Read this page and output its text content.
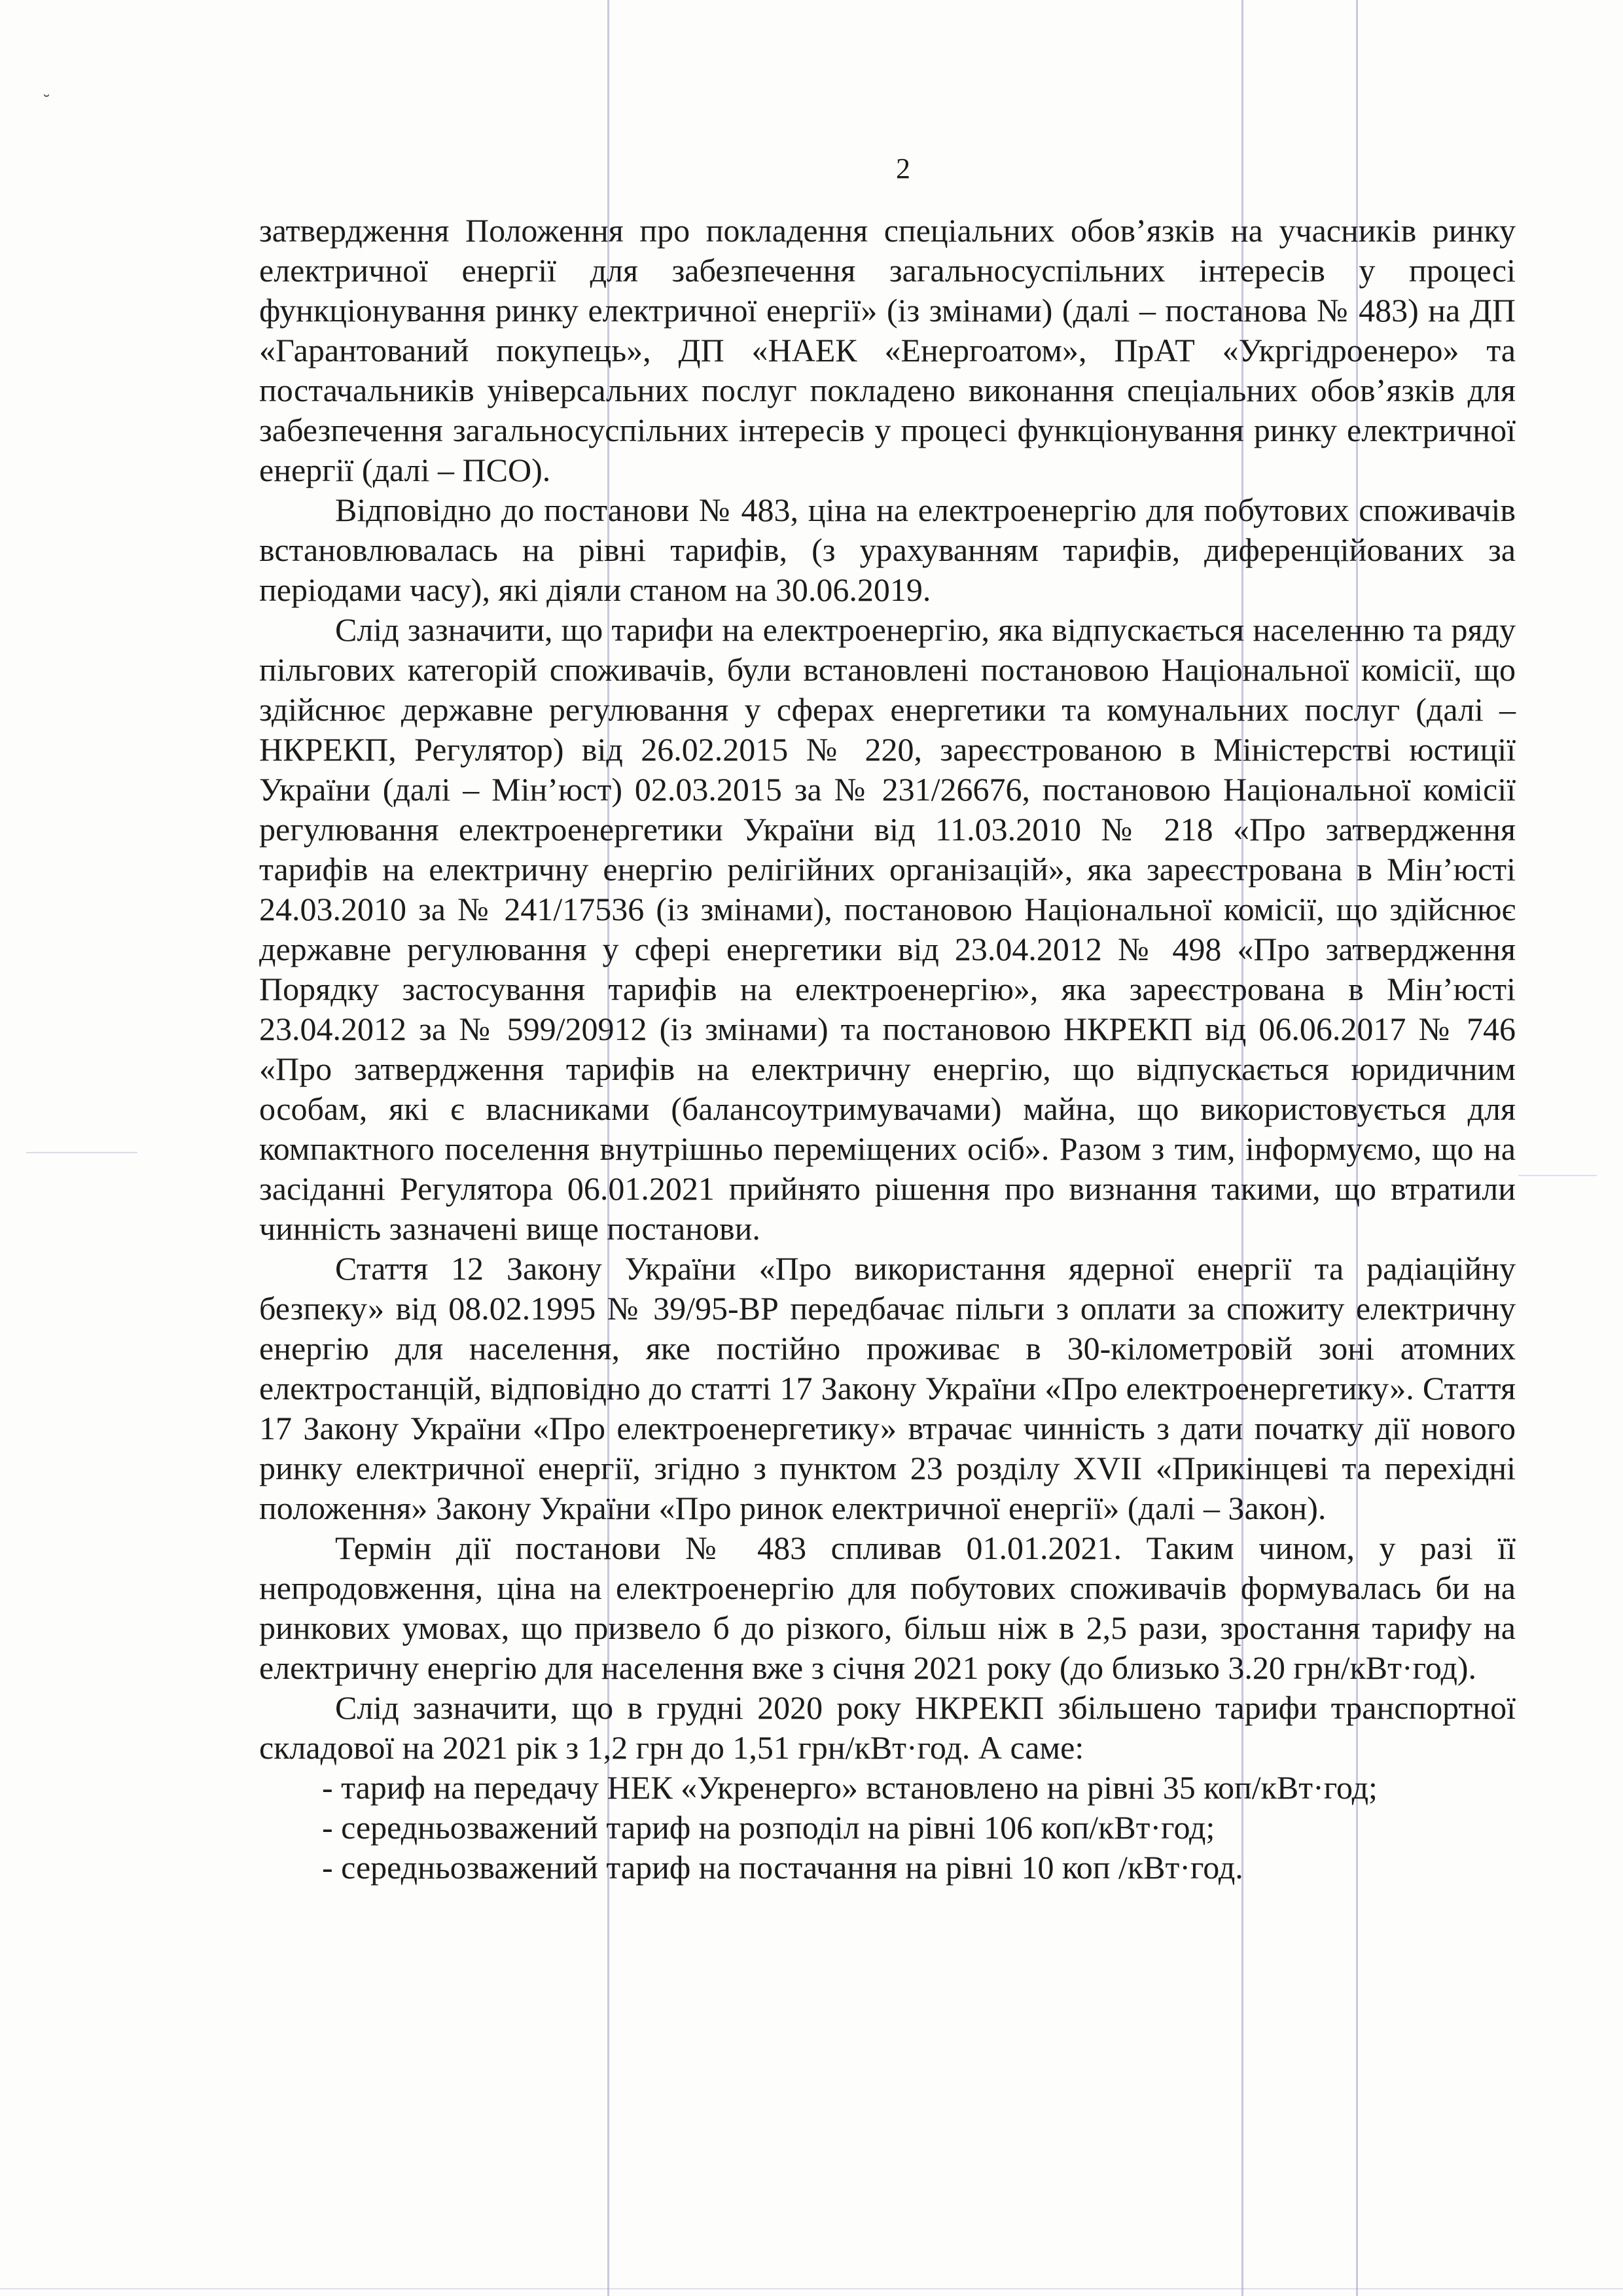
˘
2

затвердження Положення про покладення спеціальних обов’язків на учасників ринку електричної енергії для забезпечення загальносуспільних інтересів у процесі функціонування ринку електричної енергії» (із змінами) (далі – постанова № 483) на ДП «Гарантований покупець», ДП «НАЕК «Енергоатом», ПрАТ «Укргідроенерo» та постачальників універсальних послуг покладено виконання спеціальних обов’язків для забезпечення загальносуспільних інтересів у процесі функціонування ринку електричної енергії (далі – ПСО).

Відповідно до постанови № 483, ціна на електроенергію для побутових споживачів встановлювалась на рівні тарифів, (з урахуванням тарифів, диференційованих за періодами часу), які діяли станом на 30.06.2019.

Слід зазначити, що тарифи на електроенергію, яка відпускається населенню та ряду пільгових категорій споживачів, були встановлені постановою Національної комісії, що здійснює державне регулювання у сферах енергетики та комунальних послуг (далі – НКРЕКП, Регулятор) від 26.02.2015 № 220, зареєстрованою в Міністерстві юстиції України (далі – Мін’юст) 02.03.2015 за № 231/26676, постановою Національної комісії регулювання електроенергетики України від 11.03.2010 № 218 «Про затвердження тарифів на електричну енергію релігійних організацій», яка зареєстрована в Мін’юсті 24.03.2010 за № 241/17536 (із змінами), постановою Національної комісії, що здійснює державне регулювання у сфері енергетики від 23.04.2012 № 498 «Про затвердження Порядку застосування тарифів на електроенергію», яка зареєстрована в Мін’юсті 23.04.2012 за № 599/20912 (із змінами) та постановою НКРЕКП від 06.06.2017 № 746 «Про затвердження тарифів на електричну енергію, що відпускається юридичним особам, які є власниками (балансоутримувачами) майна, що використовується для компактного поселення внутрішньо переміщених осіб». Разом з тим, інформуємо, що на засіданні Регулятора 06.01.2021 прийнято рішення про визнання такими, що втратили чинність зазначені вище постанови.

Стаття 12 Закону України «Про використання ядерної енергії та радіаційну безпеку» від 08.02.1995 № 39/95-ВР передбачає пільги з оплати за спожиту електричну енергію для населення, яке постійно проживає в 30-кілометровій зоні атомних електростанцій, відповідно до статті 17 Закону України «Про електроенергетику». Стаття 17 Закону України «Про електроенергетику» втрачає чинність з дати початку дії нового ринку електричної енергії, згідно з пунктом 23 розділу XVII «Прикінцеві та перехідні положення» Закону України «Про ринок електричної енергії» (далі – Закон).

Термін дії постанови № 483 спливав 01.01.2021. Таким чином, у разі її непродовження, ціна на електроенергію для побутових споживачів формувалась би на ринкових умовах, що призвело б до різкого, більш ніж в 2,5 рази, зростання тарифу на електричну енергію для населення вже з січня 2021 року (до близько 3.20 грн/кВт·год).

Слід зазначити, що в грудні 2020 року НКРЕКП збільшено тарифи транспортної складової на 2021 рік з 1,2 грн до 1,51 грн/кВт·год. А саме:

- тариф на передачу НЕК «Укренерго» встановлено на рівні 35 коп/кВт·год;

- середньозважений тариф на розподіл на рівні 106 коп/кВт·год;

- середньозважений тариф на постачання на рівні 10 коп /кВт·год.
